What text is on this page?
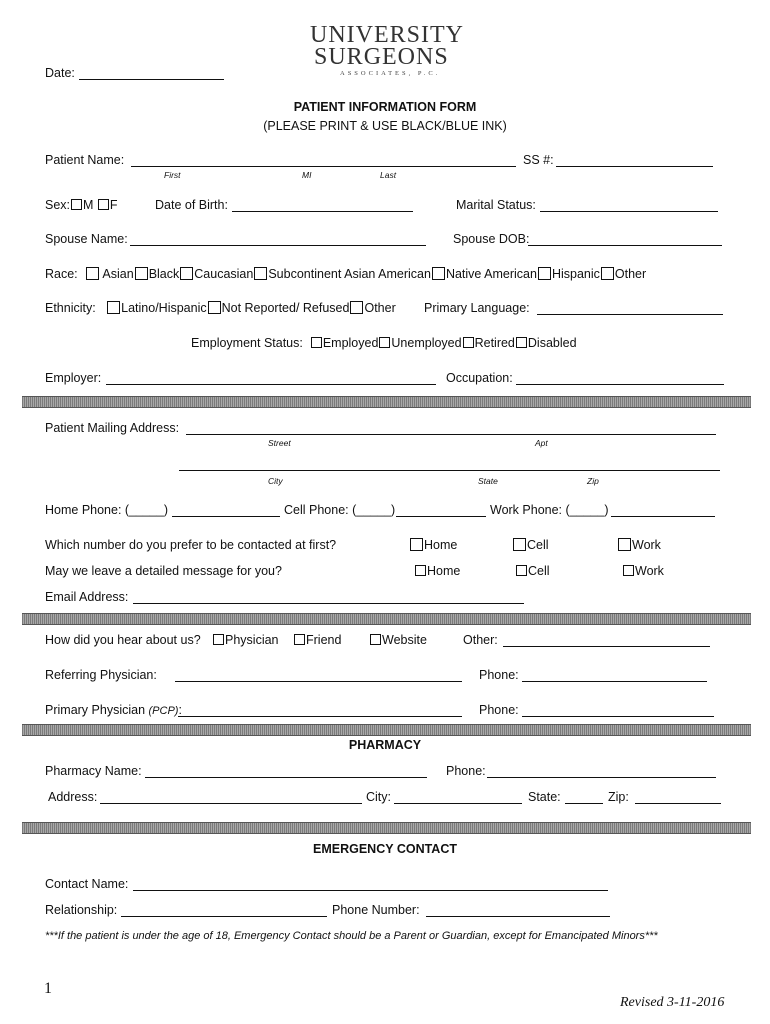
UNIVERSITY
SURGEONS
ASSOCIATES, P.C.
Date:
PATIENT INFORMATION FORM
(PLEASE PRINT & USE BLACK/BLUE INK)
Patient Name:	SS #:
First	MI	Last
Sex: M F	Date of Birth:	Marital Status:
Spouse Name:	Spouse DOB:
Race: Asian Black Caucasian Subcontinent Asian American Native American Hispanic Other
Ethnicity: Latino/Hispanic Not Reported/ Refused Other Primary Language:
Employment Status: Employed Unemployed Retired Disabled
Employer:	Occupation:
Patient Mailing Address:
Street	Apt
City	State	Zip
Home Phone: (_____)	Cell Phone: (_____)	Work Phone: (_____)
Which number do you prefer to be contacted at first?	Home	Cell	Work
May we leave a detailed message for you?	Home	Cell	Work
Email Address:
How did you hear about us?	Physician	Friend	Website	Other:
Referring Physician:	Phone:
Primary Physician (PCP):	Phone:
PHARMACY
Pharmacy Name:	Phone:
Address:	City:	State:	Zip:
EMERGENCY CONTACT
Contact Name:
Relationship:	Phone Number:
***If the patient is under the age of 18, Emergency Contact should be a Parent or Guardian, except for Emancipated Minors***
1
Revised 3-11-2016
